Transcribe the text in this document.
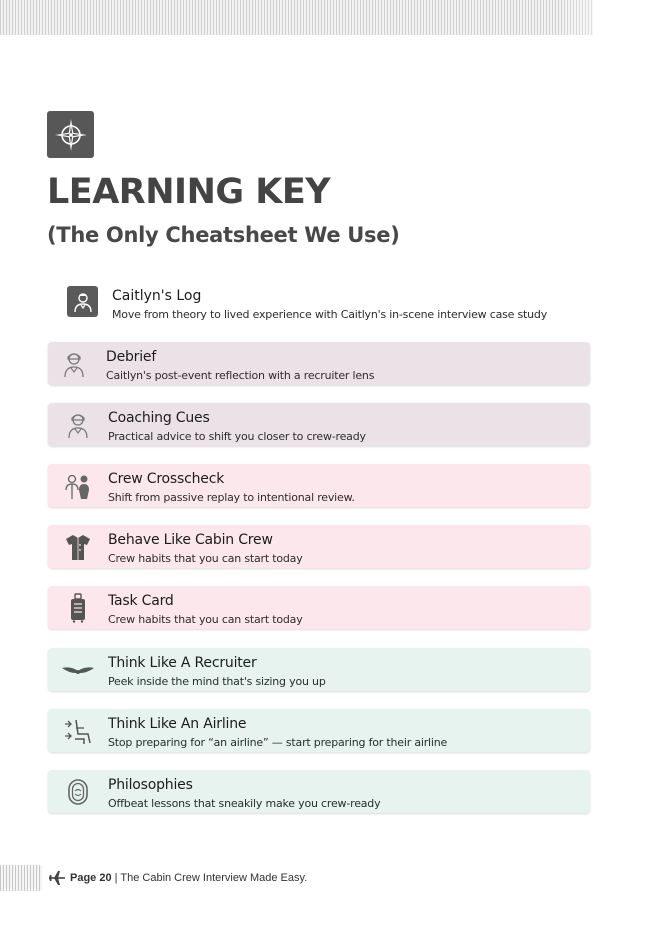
LEARNING KEY
(The Only Cheatsheet We Use)
Caitlyn's Log
Move from theory to lived experience with Caitlyn's in-scene interview case study
Debrief
Caitlyn's post-event reflection with a recruiter lens
Coaching Cues
Practical advice to shift you closer to crew-ready
Crew Crosscheck
Shift from passive replay to intentional review.
Behave Like Cabin Crew
Crew habits that you can start today
Task Card
Crew habits that you can start today
Think Like A Recruiter
Peek inside the mind that's sizing you up
Think Like An Airline
Stop preparing for “an airline” — start preparing for their airline
Philosophies
Offbeat lessons that sneakily make you crew-ready
Page 20 | The Cabin Crew Interview Made Easy.
